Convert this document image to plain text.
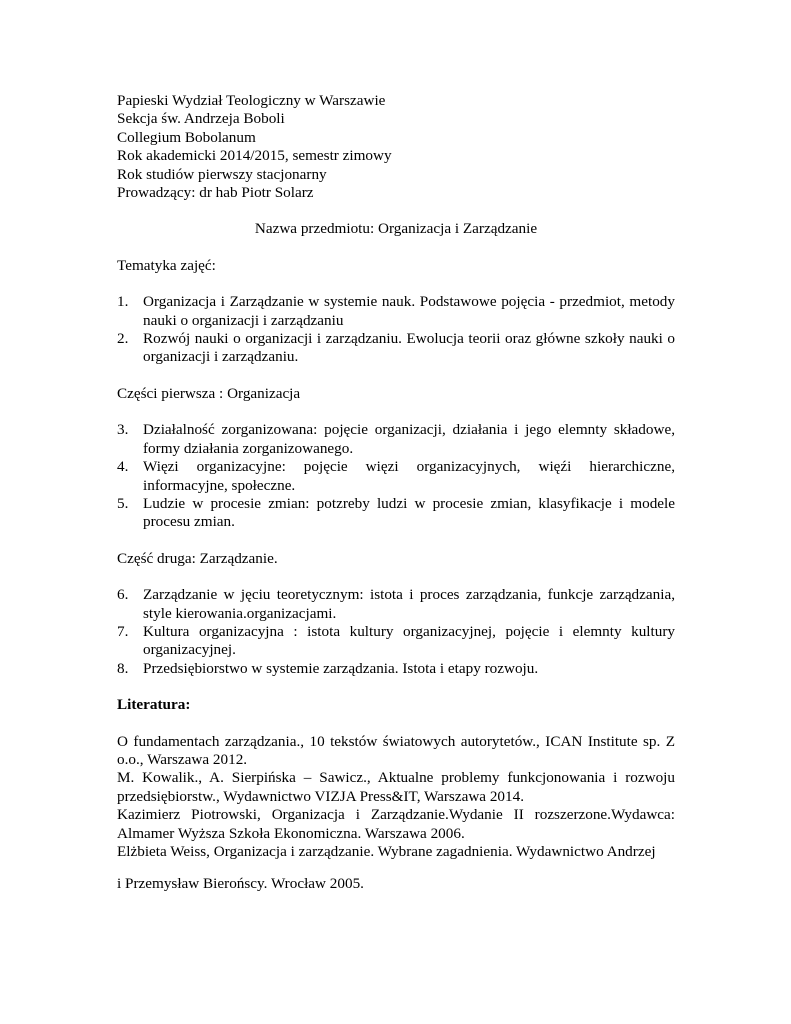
Papieski Wydział Teologiczny w Warszawie
Sekcja św. Andrzeja Boboli
Collegium Bobolanum
Rok akademicki 2014/2015, semestr zimowy
Rok studiów pierwszy stacjonarny
Prowadzący: dr hab Piotr Solarz
Nazwa przedmiotu: Organizacja i Zarządzanie
Tematyka zajęć:
1. Organizacja i Zarządzanie w systemie nauk. Podstawowe pojęcia - przedmiot, metody nauki o organizacji i zarządzaniu
2. Rozwój nauki o organizacji i zarządzaniu. Ewolucja teorii oraz główne szkoły nauki o organizacji i zarządzaniu.
Części pierwsza : Organizacja
3. Działalność zorganizowana: pojęcie organizacji, działania i jego elemnty składowe, formy działania zorganizowanego.
4. Więzi organizacyjne: pojęcie więzi organizacyjnych, więźi hierarchiczne, informacyjne, społeczne.
5. Ludzie w procesie zmian: potzreby ludzi w procesie zmian, klasyfikacje i modele procesu zmian.
Część druga: Zarządzanie.
6. Zarządzanie w jęciu teoretycznym: istota i proces zarządzania, funkcje zarządzania, style kierowania.organizacjami.
7. Kultura organizacyjna : istota kultury organizacyjnej, pojęcie i elemnty kultury organizacyjnej.
8. Przedsiębiorstwo w systemie zarządzania. Istota i etapy rozwoju.
Literatura:
O fundamentach zarządzania., 10 tekstów światowych autorytetów., ICAN Institute sp. Z o.o., Warszawa 2012.
M. Kowalik., A. Sierpińska – Sawicz., Aktualne problemy funkcjonowania i rozwoju przedsiębiorstw., Wydawnictwo VIZJA Press&IT, Warszawa 2014.
Kazimierz Piotrowski, Organizacja i Zarządzanie.Wydanie II rozszerzone.Wydawca: Almamer Wyższa Szkoła Ekonomiczna. Warszawa 2006.
Elżbieta Weiss, Organizacja i zarządzanie. Wybrane zagadnienia. Wydawnictwo Andrzej
i Przemysław Bierońscy. Wrocław 2005.
